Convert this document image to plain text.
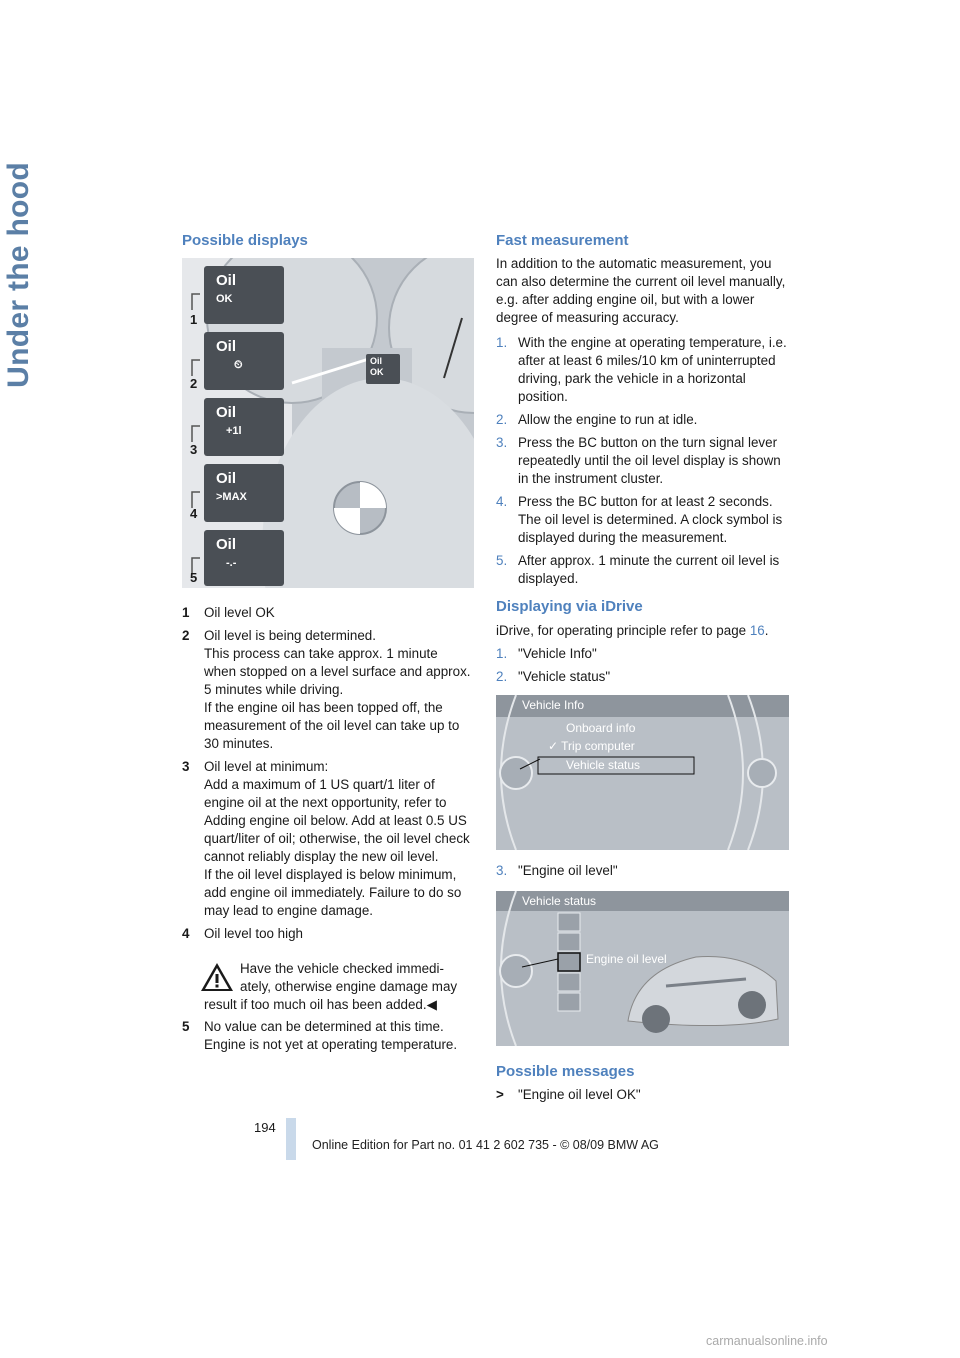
Under the hood	Possible displays
Oil
OK
Oil
⏲
Oil
+1l
Oil
>MAX
Oil
-.-
Oil
OK
1
2
3
4
5
1 Oil level OK
2 Oil level is being determined.
This process can take approx. 1 minute when stopped on a level surface and approx. 5 minutes while driving.
If the engine oil has been topped off, the measurement of the oil level can take up to 30 minutes.
3 Oil level at minimum:
Add a maximum of 1 US quart/1 liter of engine oil at the next opportunity, refer to Adding engine oil below. Add at least 0.5 US quart/liter of oil; otherwise, the oil level check cannot reliably display the new oil level.
If the oil level displayed is below minimum, add engine oil immediately. Failure to do so may lead to engine damage.
4 Oil level too high
Have the vehicle checked immedi-
ately, otherwise engine damage may
result if too much oil has been added.◀
5 No value can be determined at this time. Engine is not yet at operating temperature.
Fast measurement
In addition to the automatic measurement, you can also determine the current oil level manually, e.g. after adding engine oil, but with a lower degree of measuring accuracy.
1. With the engine at operating temperature, i.e. after at least 6 miles/10 km of uninterrupted driving, park the vehicle in a horizontal position.
2. Allow the engine to run at idle.
3. Press the BC button on the turn signal lever repeatedly until the oil level display is shown in the instrument cluster.
4. Press the BC button for at least 2 seconds. The oil level is determined. A clock symbol is displayed during the measurement.
5. After approx. 1 minute the current oil level is displayed.
Displaying via iDrive
iDrive, for operating principle refer to page 16.
1. "Vehicle Info"
2. "Vehicle status"
Vehicle Info
Onboard info
✓ Trip computer
Vehicle status
3. "Engine oil level"
Vehicle status
Engine oil level
Possible messages
> "Engine oil level OK"
194
Online Edition for Part no. 01 41 2 602 735 - © 08/09 BMW AG
carmanualsonline.info
